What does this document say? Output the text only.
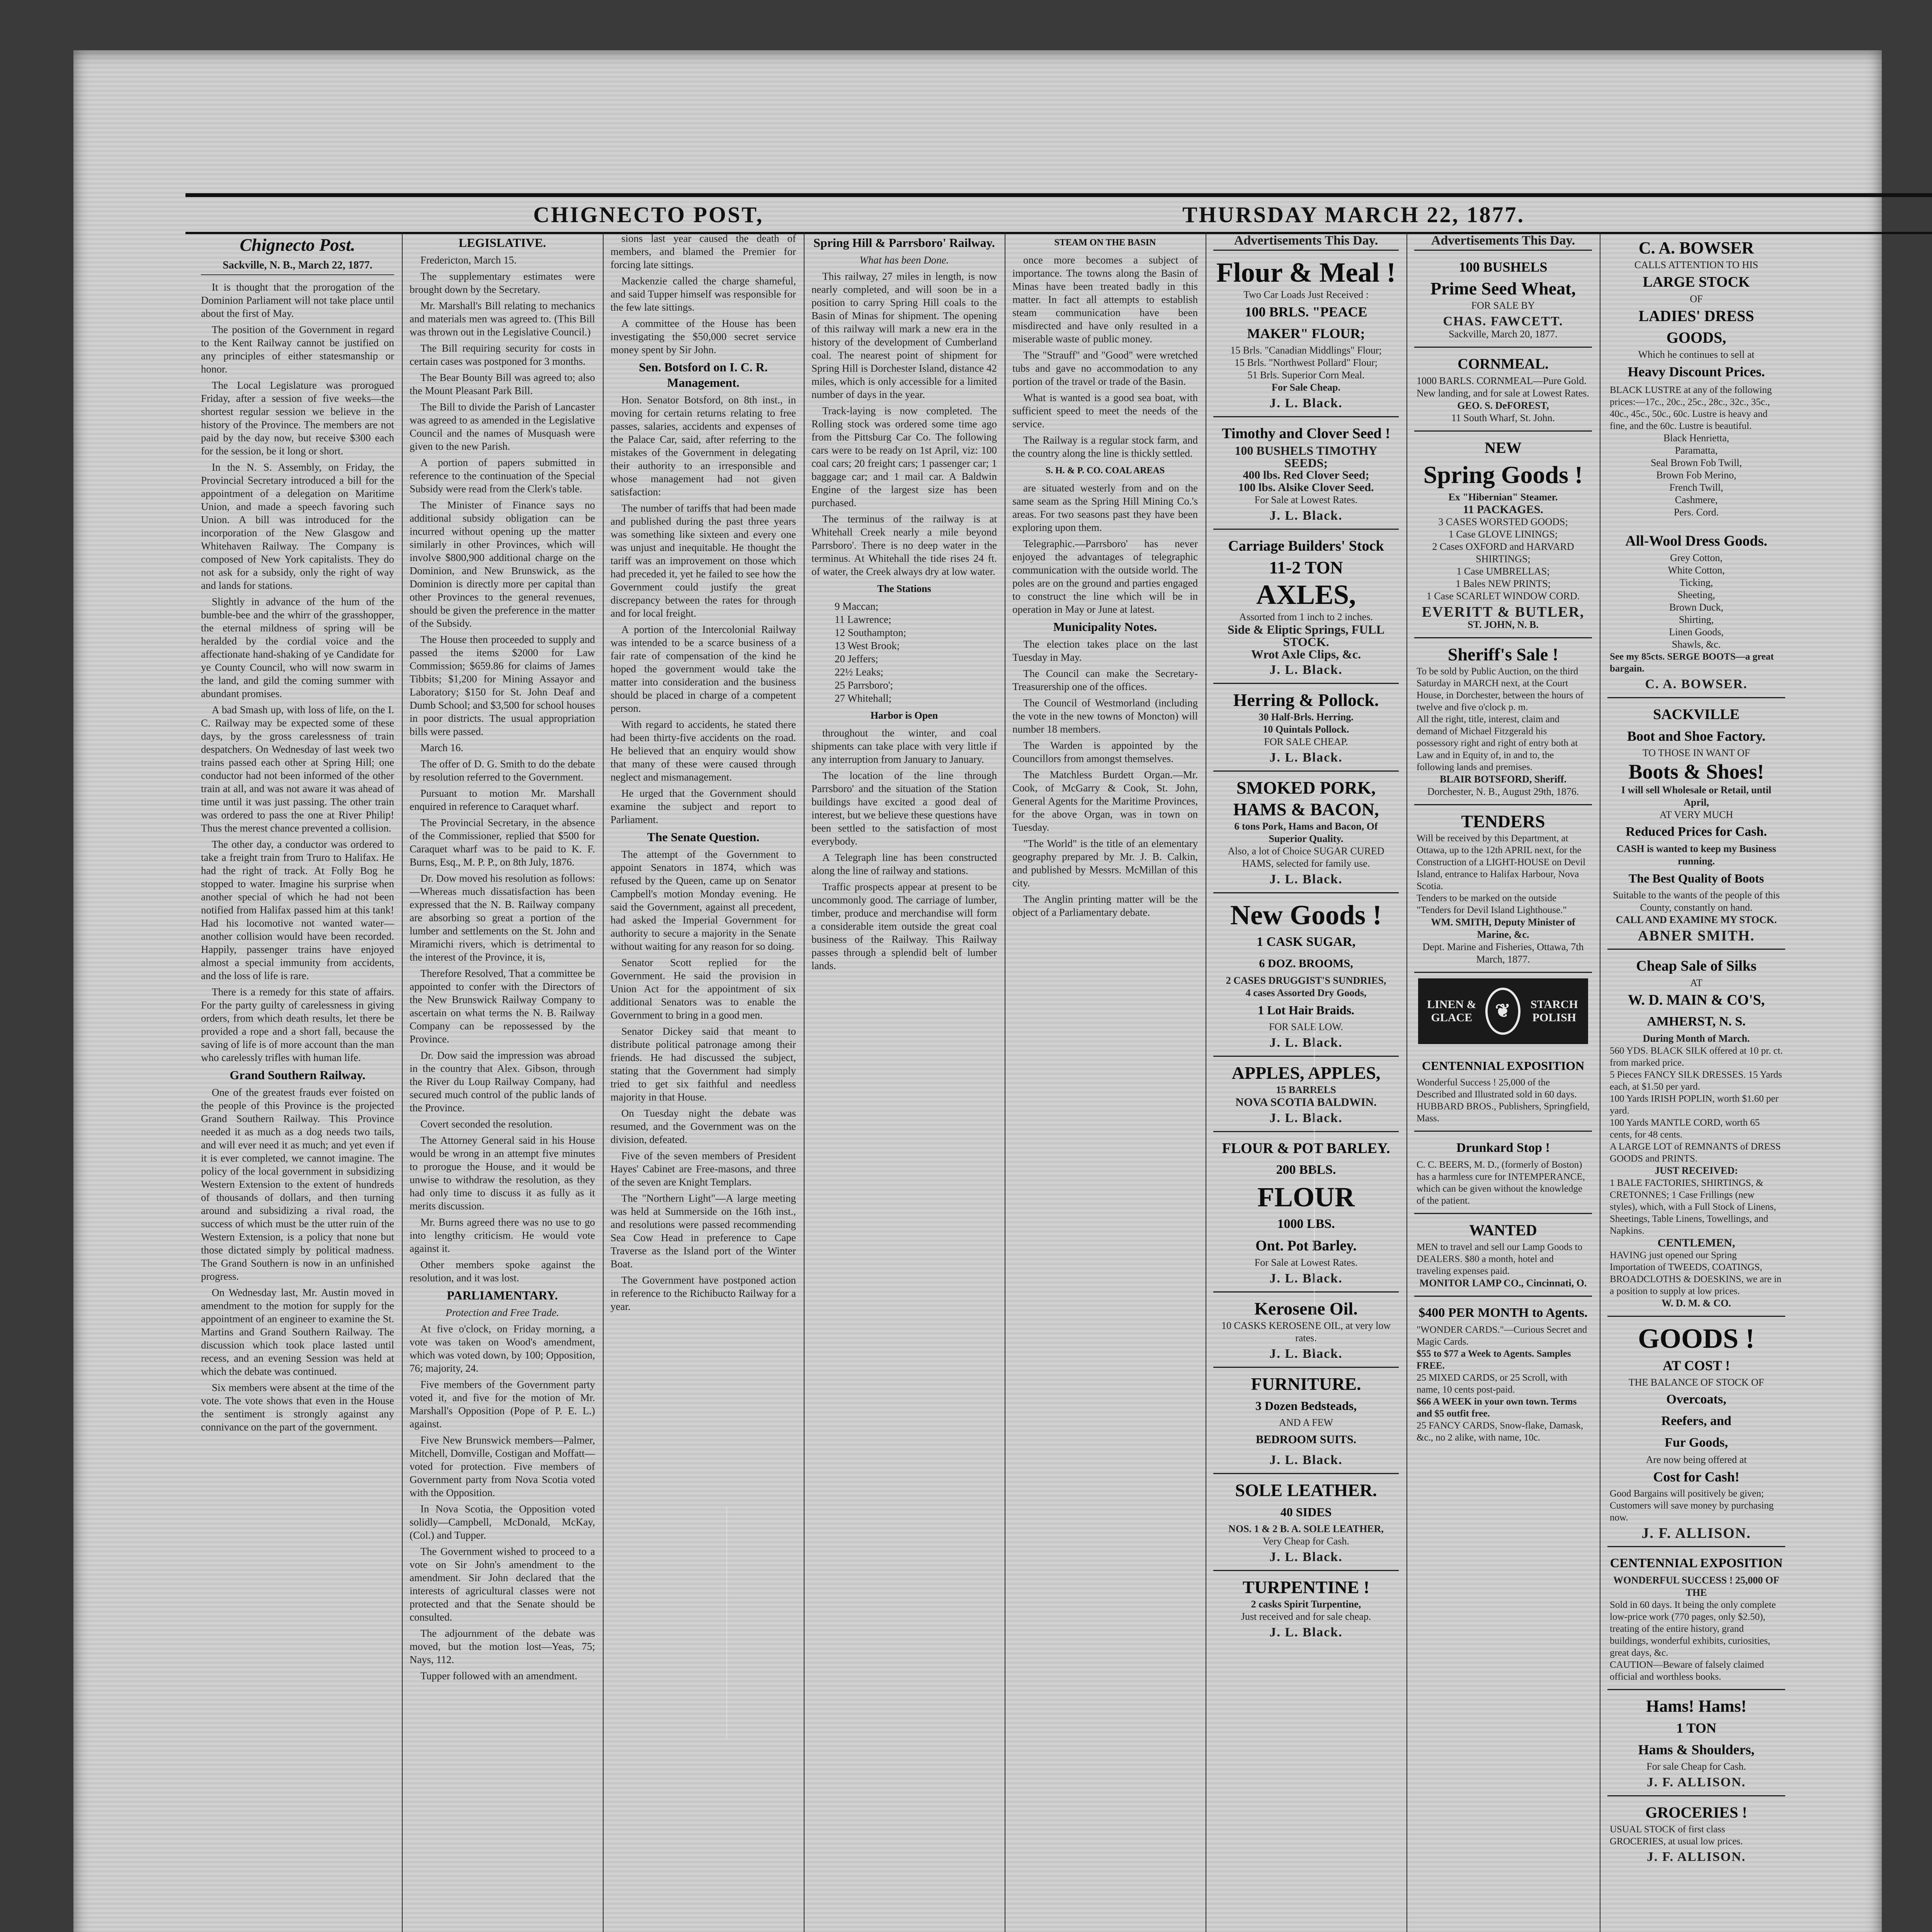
CHIGNECTO POST,	THURSDAY MARCH 22, 1877.
Chignecto Post.
Sackville, N. B., March 22, 1877.

It is thought that the prorogation of the Dominion Parliament will not take place until about the first of May.

The position of the Government in regard to the Kent Railway cannot be justified on any principles of either statesmanship or honor.

The Local Legislature was prorogued Friday, after a session of five weeks—the shortest regular session we believe in the history of the Province. The members are not paid by the day now, but receive $300 each for the session, be it long or short.

In the N. S. Assembly, on Friday, the Provincial Secretary introduced a bill for the appointment of a delegation on Maritime Union, and made a speech favoring such Union. A bill was introduced for the incorporation of the New Glasgow and Whitehaven Railway. The Company is composed of New York capitalists. They do not ask for a subsidy, only the right of way and lands for stations.

Slightly in advance of the hum of the bumble-bee and the whirr of the grasshopper, the eternal mildness of spring will be heralded by the cordial voice and the affectionate hand-shaking of ye Candidate for ye County Council, who will now swarm in the land, and gild the coming summer with abundant promises.

A bad Smash up, with loss of life, on the I. C. Railway may be expected some of these days, by the gross carelessness of train despatchers. On Wednesday of last week two trains passed each other at Spring Hill; one conductor had not been informed of the other train at all, and was not aware it was ahead of time until it was just passing. The other train was ordered to pass the one at River Philip! Thus the merest chance prevented a collision.

The other day, a conductor was ordered to take a freight train from Truro to Halifax. He had the right of track. At Folly Bog he stopped to water. Imagine his surprise when another special of which he had not been notified from Halifax passed him at this tank! Had his locomotive not wanted water—another collision would have been recorded. Happily, passenger trains have enjoyed almost a special immunity from accidents, and the loss of life is rare.

There is a remedy for this state of affairs. For the party guilty of carelessness in giving orders, from which death results, let there be provided a rope and a short fall, because the saving of life is of more account than the man who carelessly trifles with human life.

Grand Southern Railway.

One of the greatest frauds ever foisted on the people of this Province is the projected Grand Southern Railway. This Province needed it as much as a dog needs two tails, and will ever need it as much; and yet even if it is ever completed, we cannot imagine. The policy of the local government in subsidizing Western Extension to the extent of hundreds of thousands of dollars, and then turning around and subsidizing a rival road, the success of which must be the utter ruin of the Western Extension, is a policy that none but those dictated simply by political madness. The Grand Southern is now in an unfinished progress.

On Wednesday last, Mr. Austin moved in amendment to the motion for supply for the appointment of an engineer to examine the St. Martins and Grand Southern Railway. The discussion which took place lasted until recess, and an evening Session was held at which the debate was continued.

Six members were absent at the time of the vote. The vote shows that even in the House the sentiment is strongly against any connivance on the part of the government.

LEGISLATIVE.

Fredericton, March 15.

The supplementary estimates were brought down by the Secretary.

Mr. Marshall's Bill relating to mechanics and materials men was agreed to. (This Bill was thrown out in the Legislative Council.)

The Bill requiring security for costs in certain cases was postponed for 3 months.

The Bear Bounty Bill was agreed to; also the Mount Pleasant Park Bill.

The Bill to divide the Parish of Lancaster was agreed to as amended in the Legislative Council and the names of Musquash were given to the new Parish.

A portion of papers submitted in reference to the continuation of the Special Subsidy were read from the Clerk's table.

The Minister of Finance says no additional subsidy obligation can be incurred without opening up the matter similarly in other Provinces, which will involve $800,900 additional charge on the Dominion, and New Brunswick, as the Dominion is directly more per capital than other Provinces to the general revenues, should be given the preference in the matter of the Subsidy.

The House then proceeded to supply and passed the items $2000 for Law Commission; $659.86 for claims of James Tibbits; $1,200 for Mining Assayor and Laboratory; $150 for St. John Deaf and Dumb School; and $3,500 for school houses in poor districts. The usual appropriation bills were passed.

March 16.

The offer of D. G. Smith to do the debate by resolution referred to the Government.

Pursuant to motion Mr. Marshall enquired in reference to Caraquet wharf.

The Provincial Secretary, in the absence of the Commissioner, replied that $500 for Caraquet wharf was to be paid to K. F. Burns, Esq., M. P. P., on 8th July, 1876.

Dr. Dow moved his resolution as follows:—Whereas much dissatisfaction has been expressed that the N. B. Railway company are absorbing so great a portion of the lumber and settlements on the St. John and Miramichi rivers, which is detrimental to the interest of the Province, it is,

Therefore Resolved, That a committee be appointed to confer with the Directors of the New Brunswick Railway Company to ascertain on what terms the N. B. Railway Company can be repossessed by the Province.

Dr. Dow said the impression was abroad in the country that Alex. Gibson, through the River du Loup Railway Company, had secured much control of the public lands of the Province.

Covert seconded the resolution.

The Attorney General said in his House would be wrong in an attempt five minutes to prorogue the House, and it would be unwise to withdraw the resolution, as they had only time to discuss it as fully as it merits discussion.

Mr. Burns agreed there was no use to go into lengthy criticism. He would vote against it.

Other members spoke against the resolution, and it was lost.

PARLIAMENTARY.
Protection and Free Trade.

At five o'clock, on Friday morning, a vote was taken on Wood's amendment, which was voted down, by 100; Opposition, 76; majority, 24.

Five members of the Government party voted it, and five for the motion of Mr. Marshall's Opposition (Pope of P. E. L.) against.

Five New Brunswick members—Palmer, Mitchell, Domville, Costigan and Moffatt—voted for protection. Five members of Government party from Nova Scotia voted with the Opposition.

In Nova Scotia, the Opposition voted solidly—Campbell, McDonald, McKay, (Col.) and Tupper.

The Government wished to proceed to a vote on Sir John's amendment to the amendment. Sir John declared that the interests of agricultural classes were not protected and that the Senate should be consulted.

The adjournment of the debate was moved, but the motion lost—Yeas, 75; Nays, 112.

Tupper followed with an amendment.

sions last year caused the death of members, and blamed the Premier for forcing late sittings.

Mackenzie called the charge shameful, and said Tupper himself was responsible for the few late sittings.

A committee of the House has been investigating the $50,000 secret service money spent by Sir John.

Sen. Botsford on I. C. R. Management.

Hon. Senator Botsford, on 8th inst., in moving for certain returns relating to free passes, salaries, accidents and expenses of the Palace Car, said, after referring to the mistakes of the Government in delegating their authority to an irresponsible and whose management had not given satisfaction:

The number of tariffs that had been made and published during the past three years was something like sixteen and every one was unjust and inequitable. He thought the tariff was an improvement on those which had preceded it, yet he failed to see how the Government could justify the great discrepancy between the rates for through and for local freight.

A portion of the Intercolonial Railway was intended to be a scarce business of a fair rate of compensation of the kind he hoped the government would take the matter into consideration and the business should be placed in charge of a competent person.

With regard to accidents, he stated there had been thirty-five accidents on the road. He believed that an enquiry would show that many of these were caused through neglect and mismanagement.

He urged that the Government should examine the subject and report to Parliament.

The Senate Question.

The attempt of the Government to appoint Senators in 1874, which was refused by the Queen, came up on Senator Campbell's motion Monday evening. He said the Government, against all precedent, had asked the Imperial Government for authority to secure a majority in the Senate without waiting for any reason for so doing.

Senator Scott replied for the Government. He said the provision in Union Act for the appointment of six additional Senators was to enable the Government to bring in a good men.

Senator Dickey said that meant to distribute political patronage among their friends. He had discussed the subject, stating that the Government had simply tried to get six faithful and needless majority in that House.

On Tuesday night the debate was resumed, and the Government was on the division, defeated.

Five of the seven members of President Hayes' Cabinet are Free-masons, and three of the seven are Knight Templars.

The "Northern Light"—A large meeting was held at Summerside on the 16th inst., and resolutions were passed recommending Sea Cow Head in preference to Cape Traverse as the Island port of the Winter Boat.

The Government have postponed action in reference to the Richibucto Railway for a year.

Spring Hill & Parrsboro' Railway.
What has been Done.

This railway, 27 miles in length, is now nearly completed, and will soon be in a position to carry Spring Hill coals to the Basin of Minas for shipment. The opening of this railway will mark a new era in the history of the development of Cumberland coal. The nearest point of shipment for Spring Hill is Dorchester Island, distance 42 miles, which is only accessible for a limited number of days in the year.

Track-laying is now completed. The Rolling stock was ordered some time ago from the Pittsburg Car Co. The following cars were to be ready on 1st April, viz: 100 coal cars; 20 freight cars; 1 passenger car; 1 baggage car; and 1 mail car. A Baldwin Engine of the largest size has been purchased.

The terminus of the railway is at Whitehall Creek nearly a mile beyond Parrsboro'. There is no deep water in the terminus. At Whitehall the tide rises 24 ft. of water, the Creek always dry at low water.

The Stations
9 Maccan;
11 Lawrence;
12 Southampton;
13 West Brook;
20 Jeffers;
22½ Leaks;
25 Parrsboro';
27 Whitehall;
Harbor is Open

throughout the winter, and coal shipments can take place with very little if any interruption from January to January.

The location of the line through Parrsboro' and the situation of the Station buildings have excited a good deal of interest, but we believe these questions have been settled to the satisfaction of most everybody.

A Telegraph line has been constructed along the line of railway and stations.

Traffic prospects appear at present to be uncommonly good. The carriage of lumber, timber, produce and merchandise will form a considerable item outside the great coal business of the Railway. This Railway passes through a splendid belt of lumber lands.

STEAM ON THE BASIN

once more becomes a subject of importance. The towns along the Basin of Minas have been treated badly in this matter. In fact all attempts to establish steam communication have been misdirected and have only resulted in a miserable waste of public money.

The "Strauff" and "Good" were wretched tubs and gave no accommodation to any portion of the travel or trade of the Basin.

What is wanted is a good sea boat, with sufficient speed to meet the needs of the service.

The Railway is a regular stock farm, and the country along the line is thickly settled.

S. H. & P. CO. COAL AREAS

are situated westerly from and on the same seam as the Spring Hill Mining Co.'s areas. For two seasons past they have been exploring upon them.

Telegraphic.—Parrsboro' has never enjoyed the advantages of telegraphic communication with the outside world. The poles are on the ground and parties engaged to construct the line which will be in operation in May or June at latest.

Municipality Notes.

The election takes place on the last Tuesday in May.

The Council can make the Secretary-Treasurership one of the offices.

The Council of Westmorland (including the vote in the new towns of Moncton) will number 18 members.

The Warden is appointed by the Councillors from amongst themselves.

The Matchless Burdett Organ.—Mr. Cook, of McGarry & Cook, St. John, General Agents for the Maritime Provinces, for the above Organ, was in town on Tuesday.

"The World" is the title of an elementary geography prepared by Mr. J. B. Calkin, and published by Messrs. McMillan of this city.

The Anglin printing matter will be the object of a Parliamentary debate.

Advertisements This Day.
Flour & Meal !
Two Car Loads Just Received :
100 BRLS. "PEACE MAKER" FLOUR;
15 Brls. "Canadian Middlings" Flour;
15 Brls. "Northwest Pollard" Flour;
51 Brls. Superior Corn Meal.
For Sale Cheap.
J. L. Black.
Timothy and Clover Seed !
100 BUSHELS TIMOTHY SEEDS;
400 lbs. Red Clover Seed;
100 lbs. Alsike Clover Seed.
For Sale at Lowest Rates.
J. L. Black.
Carriage Builders' Stock
11-2 TON
AXLES,
Assorted from 1 inch to 2 inches.
Side & Eliptic Springs, FULL STOCK.
Wrot Axle Clips, &c.
J. L. Black.
Herring & Pollock.
30 Half-Brls. Herring.
10 Quintals Pollock.
FOR SALE CHEAP.
J. L. Black.
SMOKED PORK, HAMS & BACON,
6 tons Pork, Hams and Bacon, Of Superior Quality.
Also, a lot of Choice SUGAR CURED HAMS, selected for family use.
J. L. Black.
New Goods !
1 CASK SUGAR,
6 DOZ. BROOMS,
2 CASES DRUGGIST'S SUNDRIES,
4 cases Assorted Dry Goods,
1 Lot Hair Braids.
FOR SALE LOW.
J. L. Black.
APPLES, APPLES,
15 BARRELS
NOVA SCOTIA BALDWIN.
J. L. Black.
FLOUR & POT BARLEY.
200 BBLS.
FLOUR
1000 LBS.
Ont. Pot Barley.
For Sale at Lowest Rates.
J. L. Black.
Kerosene Oil.
10 CASKS KEROSENE OIL, at very low rates.
J. L. Black.
FURNITURE.
3 Dozen Bedsteads,
AND A FEW
BEDROOM SUITS.
J. L. Black.
SOLE LEATHER.
40 SIDES
NOS. 1 & 2 B. A. SOLE LEATHER,
Very Cheap for Cash.
J. L. Black.
TURPENTINE !
2 casks Spirit Turpentine,
Just received and for sale cheap.
J. L. Black.
Advertisements This Day.
100 BUSHELS
Prime Seed Wheat,
FOR SALE BY
CHAS. FAWCETT.
Sackville, March 20, 1877.
CORNMEAL.
1000 BARLS. CORNMEAL—Pure Gold. New landing, and for sale at Lowest Rates.
GEO. S. DeFOREST,
11 South Wharf, St. John.
NEW
Spring Goods !
Ex "Hibernian" Steamer.
11 PACKAGES.
3 CASES WORSTED GOODS;
1 Case GLOVE LININGS;
2 Cases OXFORD and HARVARD SHIRTINGS;
1 Case UMBRELLAS;
1 Bales NEW PRINTS;
1 Case SCARLET WINDOW CORD.
EVERITT & BUTLER,
ST. JOHN, N. B.
Sheriff's Sale !
To be sold by Public Auction, on the third Saturday in MARCH next, at the Court House, in Dorchester, between the hours of twelve and five o'clock p. m.
All the right, title, interest, claim and demand of Michael Fitzgerald his possessory right and right of entry both at Law and in Equity of, in and to, the following lands and premises.
BLAIR BOTSFORD, Sheriff.
Dorchester, N. B., August 29th, 1876.
TENDERS
Will be received by this Department, at Ottawa, up to the 12th APRIL next, for the Construction of a LIGHT-HOUSE on Devil Island, entrance to Halifax Harbour, Nova Scotia.
Tenders to be marked on the outside "Tenders for Devil Island Lighthouse."
WM. SMITH, Deputy Minister of Marine, &c.
Dept. Marine and Fisheries, Ottawa, 7th March, 1877.
LINEN & GLACE	❦	STARCH POLISH
CENTENNIAL EXPOSITION
Wonderful Success ! 25,000 of the Described and Illustrated sold in 60 days.
HUBBARD BROS., Publishers, Springfield, Mass.
Drunkard Stop !
C. C. BEERS, M. D., (formerly of Boston) has a harmless cure for INTEMPERANCE, which can be given without the knowledge of the patient.
WANTED
MEN to travel and sell our Lamp Goods to DEALERS. $80 a month, hotel and traveling expenses paid.
MONITOR LAMP CO., Cincinnati, O.
$400 PER MONTH to Agents.
"WONDER CARDS."—Curious Secret and Magic Cards.
$55 to $77 a Week to Agents. Samples FREE.
25 MIXED CARDS, or 25 Scroll, with name, 10 cents post-paid.
$66 A WEEK in your own town. Terms and $5 outfit free.
25 FANCY CARDS, Snow-flake, Damask, &c., no 2 alike, with name, 10c.
C. A. BOWSER
CALLS ATTENTION TO HIS
LARGE STOCK
OF
LADIES' DRESS GOODS,
Which he continues to sell at
Heavy Discount Prices.
BLACK LUSTRE at any of the following prices:—17c., 20c., 25c., 28c., 32c., 35c., 40c., 45c., 50c., 60c. Lustre is heavy and fine, and the 60c. Lustre is beautiful.
Black Henrietta,
Paramatta,
Seal Brown Fob Twill,
Brown Fob Merino,
French Twill,
Cashmere,
Pers. Cord.
All-Wool Dress Goods.
Grey Cotton,
White Cotton,
Ticking,
Sheeting,
Brown Duck,
Shirting,
Linen Goods,
Shawls, &c.
See my 85cts. SERGE BOOTS—a great bargain.
C. A. BOWSER.
SACKVILLE
Boot and Shoe Factory.
TO THOSE IN WANT OF
Boots & Shoes!
I will sell Wholesale or Retail, until April,
AT VERY MUCH
Reduced Prices for Cash.
CASH is wanted to keep my Business running.
The Best Quality of Boots
Suitable to the wants of the people of this County, constantly on hand.
CALL AND EXAMINE MY STOCK.
ABNER SMITH.
Cheap Sale of Silks
AT
W. D. MAIN & CO'S,
AMHERST, N. S.
During Month of March.
560 YDS. BLACK SILK offered at 10 pr. ct. from marked price.
5 Pieces FANCY SILK DRESSES. 15 Yards each, at $1.50 per yard.
100 Yards IRISH POPLIN, worth $1.60 per yard.
100 Yards MANTLE CORD, worth 65 cents, for 48 cents.
A LARGE LOT of REMNANTS of DRESS GOODS and PRINTS.
JUST RECEIVED:
1 BALE FACTORIES, SHIRTINGS, & CRETONNES; 1 Case Frillings (new styles), which, with a Full Stock of Linens, Sheetings, Table Linens, Towellings, and Napkins.
CENTLEMEN,
HAVING just opened our Spring Importation of TWEEDS, COATINGS, BROADCLOTHS & DOESKINS, we are in a position to supply at low prices.
W. D. M. & CO.
GOODS !
AT COST !
THE BALANCE OF STOCK OF
Overcoats,
Reefers, and
Fur Goods,
Are now being offered at
Cost for Cash!
Good Bargains will positively be given; Customers will save money by purchasing now.
J. F. ALLISON.
CENTENNIAL EXPOSITION
WONDERFUL SUCCESS ! 25,000 OF THE
Sold in 60 days. It being the only complete low-price work (770 pages, only $2.50), treating of the entire history, grand buildings, wonderful exhibits, curiosities, great days, &c.
CAUTION—Beware of falsely claimed official and worthless books.
Hams! Hams!
1 TON
Hams & Shoulders,
For sale Cheap for Cash.
J. F. ALLISON.
GROCERIES !
USUAL STOCK of first class GROCERIES, at usual low prices.
J. F. ALLISON.
